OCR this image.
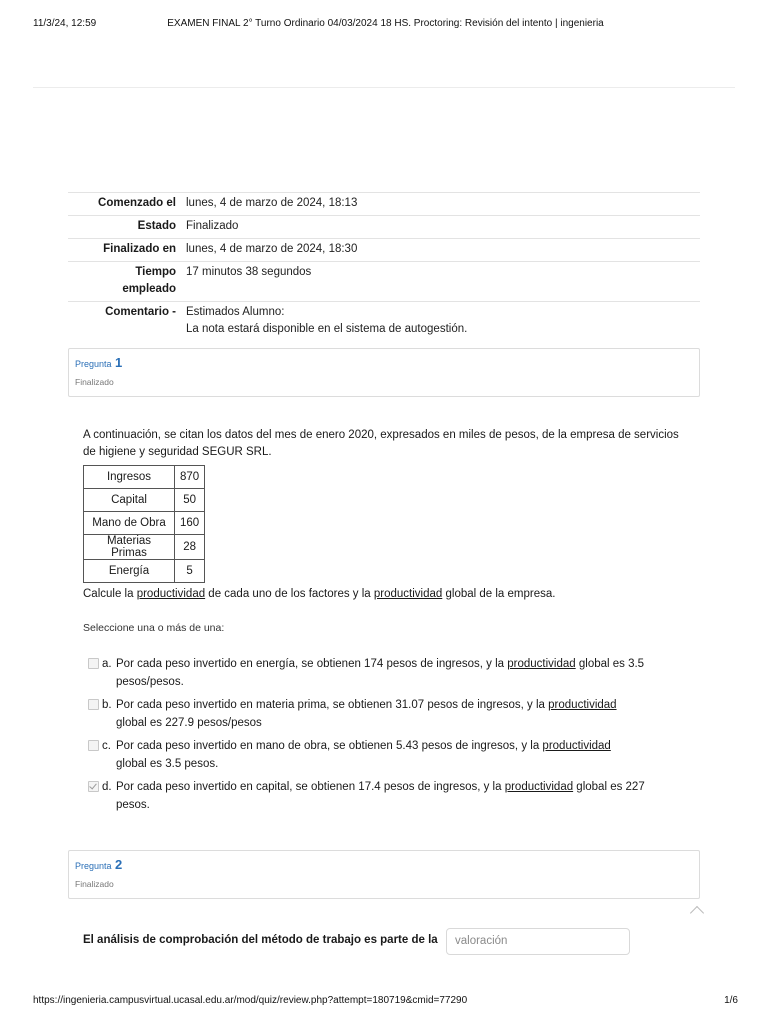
11/3/24, 12:59	EXAMEN FINAL 2° Turno Ordinario 04/03/2024 18 HS. Proctoring: Revisión del intento | ingenieria
Comenzado el	lunes, 4 de marzo de 2024, 18:13
Estado	Finalizado
Finalizado en	lunes, 4 de marzo de 2024, 18:30
Tiempo
empleado	17 minutos 38 segundos
Comentario -	Estimados Alumno:
La nota estará disponible en el sistema de autogestión.
Pregunta 1
Finalizado
A continuación, se citan los datos del mes de enero 2020, expresados en miles de pesos, de la empresa de servicios de higiene y seguridad SEGUR SRL.
Ingresos	870
Capital	50
Mano de Obra	160
Materias Primas	28
Energía	5
Calcule la productividad de cada uno de los factores y la productividad global de la empresa.
Seleccione una o más de una:
a. Por cada peso invertido en energía, se obtienen 174 pesos de ingresos, y la productividad global es 3.5
pesos/pesos.
b. Por cada peso invertido en materia prima, se obtienen 31.07 pesos de ingresos, y la productividad
global es 227.9 pesos/pesos
c. Por cada peso invertido en mano de obra, se obtienen 5.43 pesos de ingresos, y la productividad
global es 3.5 pesos.
d. Por cada peso invertido en capital, se obtienen 17.4 pesos de ingresos, y la productividad global es 227
pesos.
Pregunta 2
Finalizado
El análisis de comprobación del método de trabajo es parte de la	valoración
https://ingenieria.campusvirtual.ucasal.edu.ar/mod/quiz/review.php?attempt=180719&cmid=77290	1/6
